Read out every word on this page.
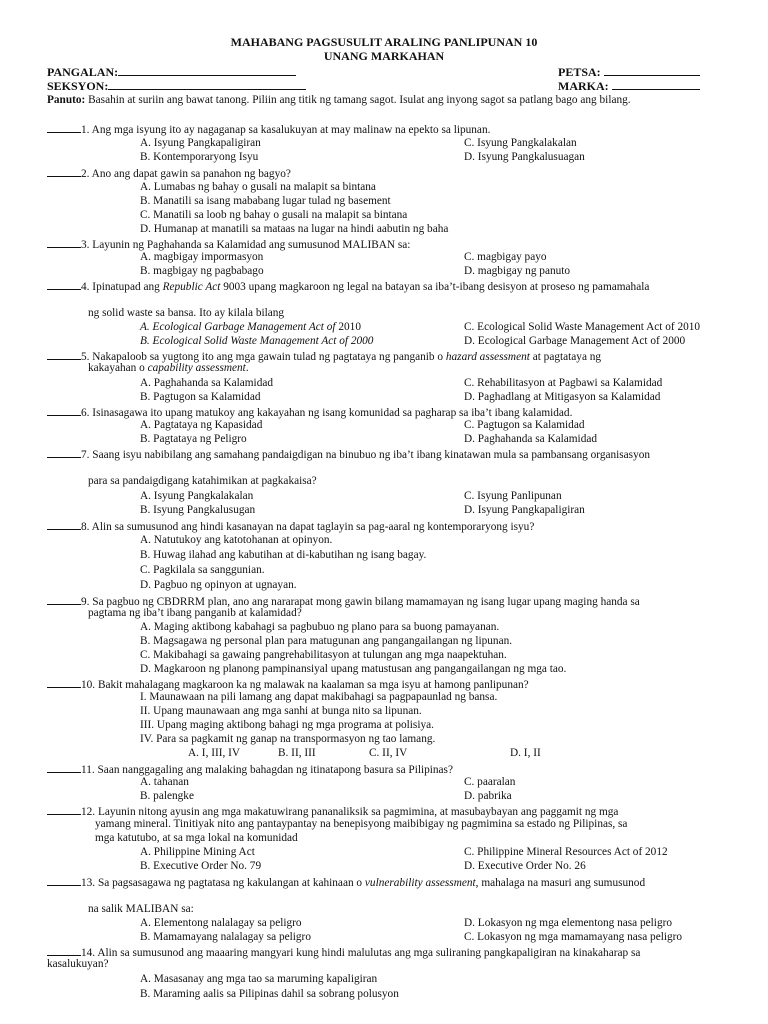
MAHABANG PAGSUSULIT ARALING PANLIPUNAN 10
UNANG MARKAHAN
PANGALAN:	PETSA:
SEKSYON:	MARKA:
Panuto: Basahin at suriin ang bawat tanong. Piliin ang titik ng tamang sagot. Isulat ang inyong sagot sa patlang bago ang bilang.
1. Ang mga isyung ito ay nagaganap sa kasalukuyan at may malinaw na epekto sa lipunan.
A. Isyung Pangkapaligiran	C. Isyung Pangkalakalan
B. Kontemporaryong Isyu	D. Isyung Pangkalusuagan
2. Ano ang dapat gawin sa panahon ng bagyo?
A. Lumabas ng bahay o gusali na malapit sa bintana
B. Manatili sa isang mababang lugar tulad ng basement
C. Manatili sa loob ng bahay o gusali na malapit sa bintana
D. Humanap at manatili sa mataas na lugar na hindi aabutin ng baha
3. Layunin ng Paghahanda sa Kalamidad ang sumusunod MALIBAN sa:
A. magbigay impormasyon	C. magbigay payo
B. magbigay ng pagbabago	D. magbigay ng panuto
4. Ipinatupad ang Republic Act 9003 upang magkaroon ng legal na batayan sa iba’t-ibang desisyon at proseso ng pamamahala
ng solid waste sa bansa. Ito ay kilala bilang
A. Ecological Garbage Management Act of 2010	C. Ecological Solid Waste Management Act of 2010
B. Ecological Solid Waste Management Act of 2000	D. Ecological Garbage Management Act of 2000
5. Nakapaloob sa yugtong ito ang mga gawain tulad ng pagtataya ng panganib o hazard assessment at pagtataya ng
kakayahan o capability assessment.
A. Paghahanda sa Kalamidad	C. Rehabilitasyon at Pagbawi sa Kalamidad
B. Pagtugon sa Kalamidad	D. Paghadlang at Mitigasyon sa Kalamidad
6. Isinasagawa ito upang matukoy ang kakayahan ng isang komunidad sa pagharap sa iba’t ibang kalamidad.
A. Pagtataya ng Kapasidad	C. Pagtugon sa Kalamidad
B. Pagtataya ng Peligro	D. Paghahanda sa Kalamidad
7. Saang isyu nabibilang ang samahang pandaigdigan na binubuo ng iba’t ibang kinatawan mula sa pambansang organisasyon
para sa pandaigdigang katahimikan at pagkakaisa?
A. Isyung Pangkalakalan	C. Isyung Panlipunan
B. Isyung Pangkalusugan	D. Isyung Pangkapaligiran
8. Alin sa sumusunod ang hindi kasanayan na dapat taglayin sa pag-aaral ng kontemporaryong isyu?
A. Natutukoy ang katotohanan at opinyon.
B. Huwag ilahad ang kabutihan at di-kabutihan ng isang bagay.
C. Pagkilala sa sanggunian.
D. Pagbuo ng opinyon at ugnayan.
9. Sa pagbuo ng CBDRRM plan, ano ang nararapat mong gawin bilang mamamayan ng isang lugar upang maging handa sa
pagtama ng iba’t ibang panganib at kalamidad?
A. Maging aktibong kabahagi sa pagbubuo ng plano para sa buong pamayanan.
B. Magsagawa ng personal plan para matugunan ang pangangailangan ng lipunan.
C. Makibahagi sa gawaing pangrehabilitasyon at tulungan ang mga naapektuhan.
D. Magkaroon ng planong pampinansiyal upang matustusan ang pangangailangan ng mga tao.
10. Bakit mahalagang magkaroon ka ng malawak na kaalaman sa mga isyu at hamong panlipunan?
I. Maunawaan na pili lamang ang dapat makibahagi sa pagpapaunlad ng bansa.
II. Upang maunawaan ang mga sanhi at bunga nito sa lipunan.
III. Upang maging aktibong bahagi ng mga programa at polisiya.
IV. Para sa pagkamit ng ganap na transpormasyon ng tao lamang.
A. I, III, IV	B. II, III	C. II, IV	D. I, II
11. Saan nanggagaling ang malaking bahagdan ng itinatapong basura sa Pilipinas?
A. tahanan	C. paaralan
B. palengke	D. pabrika
12. Layunin nitong ayusin ang mga makatuwirang pananaliksik sa pagmimina, at masubaybayan ang paggamit ng mga
yamang mineral. Tinitiyak nito ang pantaypantay na benepisyong maibibigay ng pagmimina sa estado ng Pilipinas, sa
mga katutubo, at sa mga lokal na komunidad
A. Philippine Mining Act	C. Philippine Mineral Resources Act of 2012
B. Executive Order No. 79	D. Executive Order No. 26
13. Sa pagsasagawa ng pagtatasa ng kakulangan at kahinaan o vulnerability assessment, mahalaga na masuri ang sumusunod
na salik MALIBAN sa:
A. Elementong nalalagay sa peligro	D. Lokasyon ng mga elementong nasa peligro
B. Mamamayang nalalagay sa peligro	C. Lokasyon ng mga mamamayang nasa peligro
14. Alin sa sumusunod ang maaaring mangyari kung hindi malulutas ang mga suliraning pangkapaligiran na kinakaharap sa
kasalukuyan?
A. Masasanay ang mga tao sa maruming kapaligiran
B. Maraming aalis sa Pilipinas dahil sa sobrang polusyon
